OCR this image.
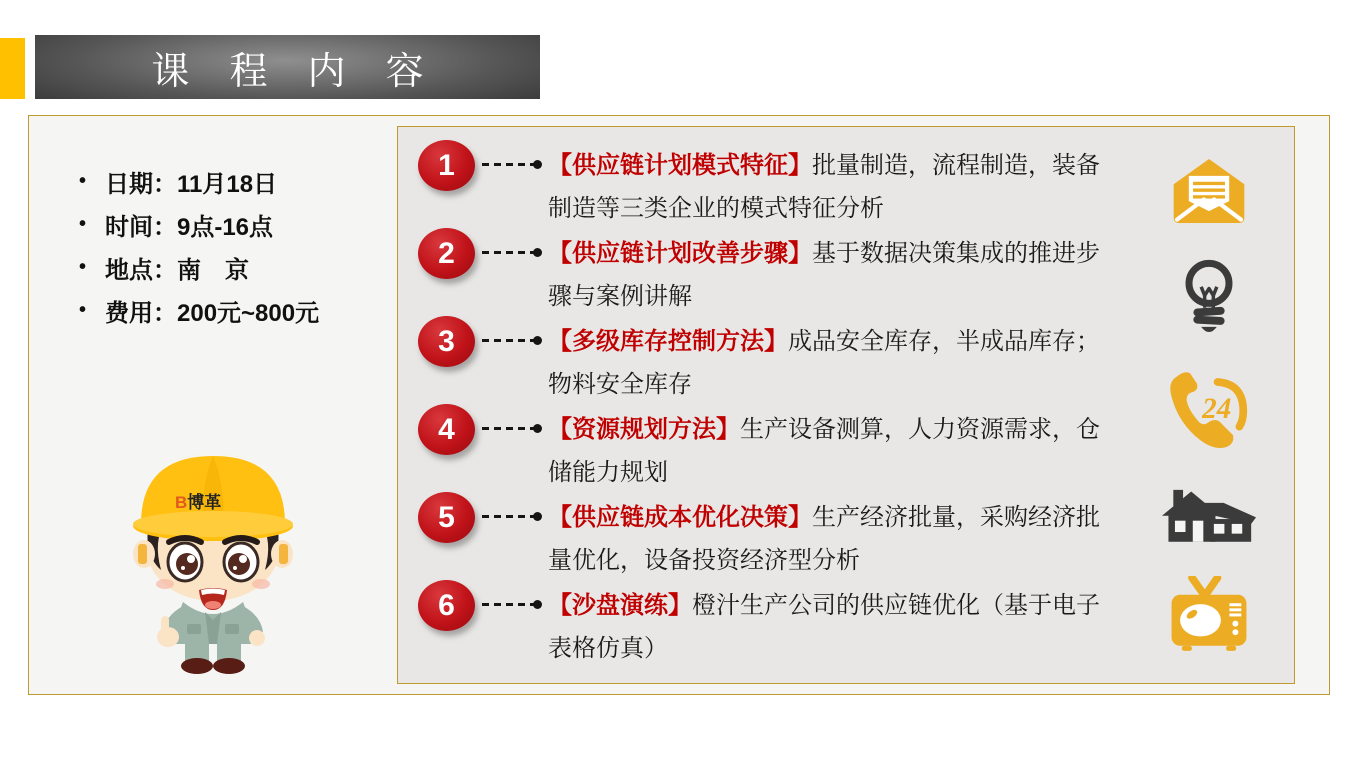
课 程 内 容
• 日期：11月18日
• 时间：9点-16点
• 地点：南　京
• 费用：200元~800元
B博革
1	【供应链计划模式特征】批量制造，流程制造，装备制造等三类企业的模式特征分析

2	【供应链计划改善步骤】基于数据决策集成的推进步骤与案例讲解

3	【多级库存控制方法】成品安全库存，半成品库存；物料安全库存

4	【资源规划方法】生产设备测算，人力资源需求，仓储能力规划

5	【供应链成本优化决策】生产经济批量，采购经济批量优化，设备投资经济型分析

6	【沙盘演练】橙汁生产公司的供应链优化（基于电子表格仿真）

24
